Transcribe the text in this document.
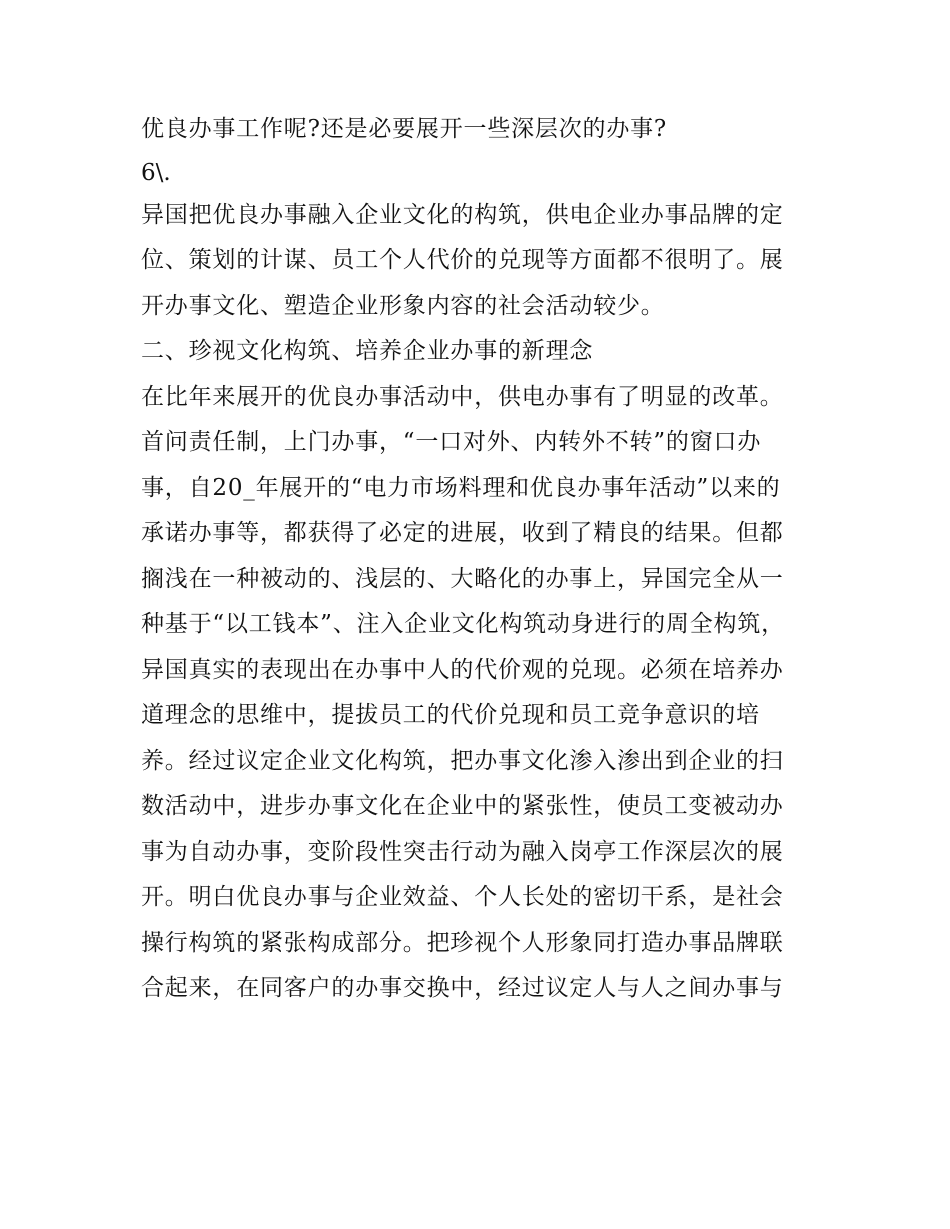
优良办事工作呢?还是必要展开一些深层次的办事?
6\.
异国把优良办事融入企业文化的构筑，供电企业办事品牌的定
位、策划的计谋、员工个人代价的兑现等方面都不很明了。展
开办事文化、塑造企业形象内容的社会活动较少。
二、珍视文化构筑、培养企业办事的新理念
在比年来展开的优良办事活动中，供电办事有了明显的改革。
首问责任制，上门办事，“一口对外、内转外不转”的窗口办
事，自20_年展开的“电力市场料理和优良办事年活动”以来的
承诺办事等，都获得了必定的进展，收到了精良的结果。但都
搁浅在一种被动的、浅层的、大略化的办事上，异国完全从一
种基于“以工钱本”、注入企业文化构筑动身进行的周全构筑，
异国真实的表现出在办事中人的代价观的兑现。必须在培养办
道理念的思维中，提拔员工的代价兑现和员工竞争意识的培
养。经过议定企业文化构筑，把办事文化渗入渗出到企业的扫
数活动中，进步办事文化在企业中的紧张性，使员工变被动办
事为自动办事，变阶段性突击行动为融入岗亭工作深层次的展
开。明白优良办事与企业效益、个人长处的密切干系，是社会
操行构筑的紧张构成部分。把珍视个人形象同打造办事品牌联
合起来，在同客户的办事交换中，经过议定人与人之间办事与
